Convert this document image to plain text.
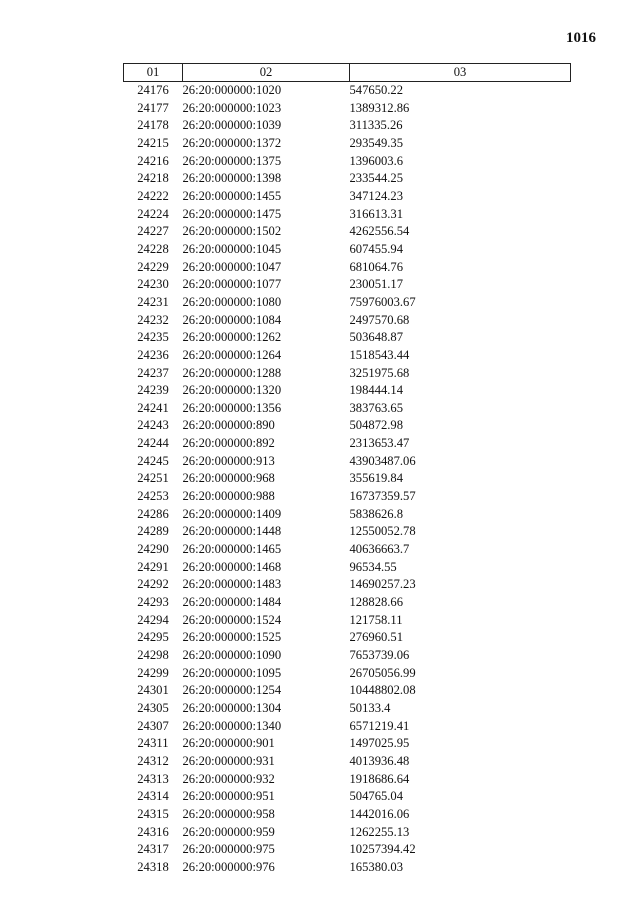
1016
01	02	03
24176	26:20:000000:1020	547650.22
24177	26:20:000000:1023	1389312.86
24178	26:20:000000:1039	311335.26
24215	26:20:000000:1372	293549.35
24216	26:20:000000:1375	1396003.6
24218	26:20:000000:1398	233544.25
24222	26:20:000000:1455	347124.23
24224	26:20:000000:1475	316613.31
24227	26:20:000000:1502	4262556.54
24228	26:20:000000:1045	607455.94
24229	26:20:000000:1047	681064.76
24230	26:20:000000:1077	230051.17
24231	26:20:000000:1080	75976003.67
24232	26:20:000000:1084	2497570.68
24235	26:20:000000:1262	503648.87
24236	26:20:000000:1264	1518543.44
24237	26:20:000000:1288	3251975.68
24239	26:20:000000:1320	198444.14
24241	26:20:000000:1356	383763.65
24243	26:20:000000:890	504872.98
24244	26:20:000000:892	2313653.47
24245	26:20:000000:913	43903487.06
24251	26:20:000000:968	355619.84
24253	26:20:000000:988	16737359.57
24286	26:20:000000:1409	5838626.8
24289	26:20:000000:1448	12550052.78
24290	26:20:000000:1465	40636663.7
24291	26:20:000000:1468	96534.55
24292	26:20:000000:1483	14690257.23
24293	26:20:000000:1484	128828.66
24294	26:20:000000:1524	121758.11
24295	26:20:000000:1525	276960.51
24298	26:20:000000:1090	7653739.06
24299	26:20:000000:1095	26705056.99
24301	26:20:000000:1254	10448802.08
24305	26:20:000000:1304	50133.4
24307	26:20:000000:1340	6571219.41
24311	26:20:000000:901	1497025.95
24312	26:20:000000:931	4013936.48
24313	26:20:000000:932	1918686.64
24314	26:20:000000:951	504765.04
24315	26:20:000000:958	1442016.06
24316	26:20:000000:959	1262255.13
24317	26:20:000000:975	10257394.42
24318	26:20:000000:976	165380.03
